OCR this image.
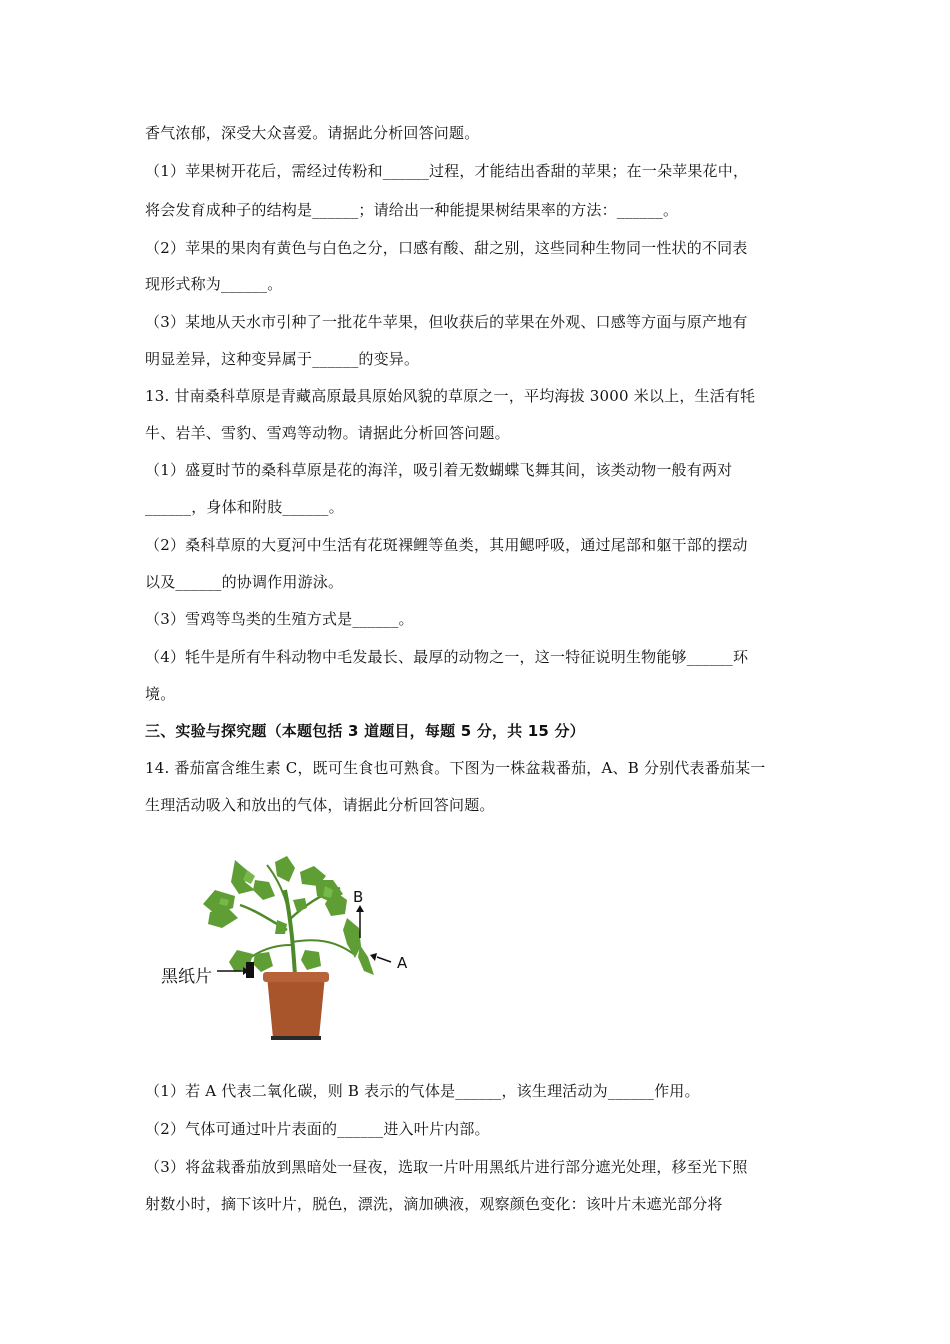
香气浓郁，深受大众喜爱。请据此分析回答问题。
（1）苹果树开花后，需经过传粉和______过程，才能结出香甜的苹果；在一朵苹果花中，
将会发育成种子的结构是______；请给出一种能提果树结果率的方法：______。
（2）苹果的果肉有黄色与白色之分，口感有酸、甜之别，这些同种生物同一性状的不同表
现形式称为______。
（3）某地从天水市引种了一批花牛苹果，但收获后的苹果在外观、口感等方面与原产地有
明显差异，这种变异属于______的变异。
13. 甘南桑科草原是青藏高原最具原始风貌的草原之一，平均海拔 3000 米以上，生活有牦
牛、岩羊、雪豹、雪鸡等动物。请据此分析回答问题。
（1）盛夏时节的桑科草原是花的海洋，吸引着无数蝴蝶飞舞其间，该类动物一般有两对
______，身体和附肢______。
（2）桑科草原的大夏河中生活有花斑裸鲤等鱼类，其用鳃呼吸，通过尾部和躯干部的摆动
以及______的协调作用游泳。
（3）雪鸡等鸟类的生殖方式是______。
（4）牦牛是所有牛科动物中毛发最长、最厚的动物之一，这一特征说明生物能够______环
境。
三、实验与探究题（本题包括 3 道题目，每题 5 分，共 15 分）
14. 番茄富含维生素 C，既可生食也可熟食。下图为一株盆栽番茄，A、B 分别代表番茄某一
生理活动吸入和放出的气体，请据此分析回答问题。
黑纸片
A
B
（1）若 A 代表二氧化碳，则 B 表示的气体是______，该生理活动为______作用。
（2）气体可通过叶片表面的______进入叶片内部。
（3）将盆栽番茄放到黑暗处一昼夜，选取一片叶用黑纸片进行部分遮光处理，移至光下照
射数小时，摘下该叶片，脱色，漂洗，滴加碘液，观察颜色变化：该叶片未遮光部分将
